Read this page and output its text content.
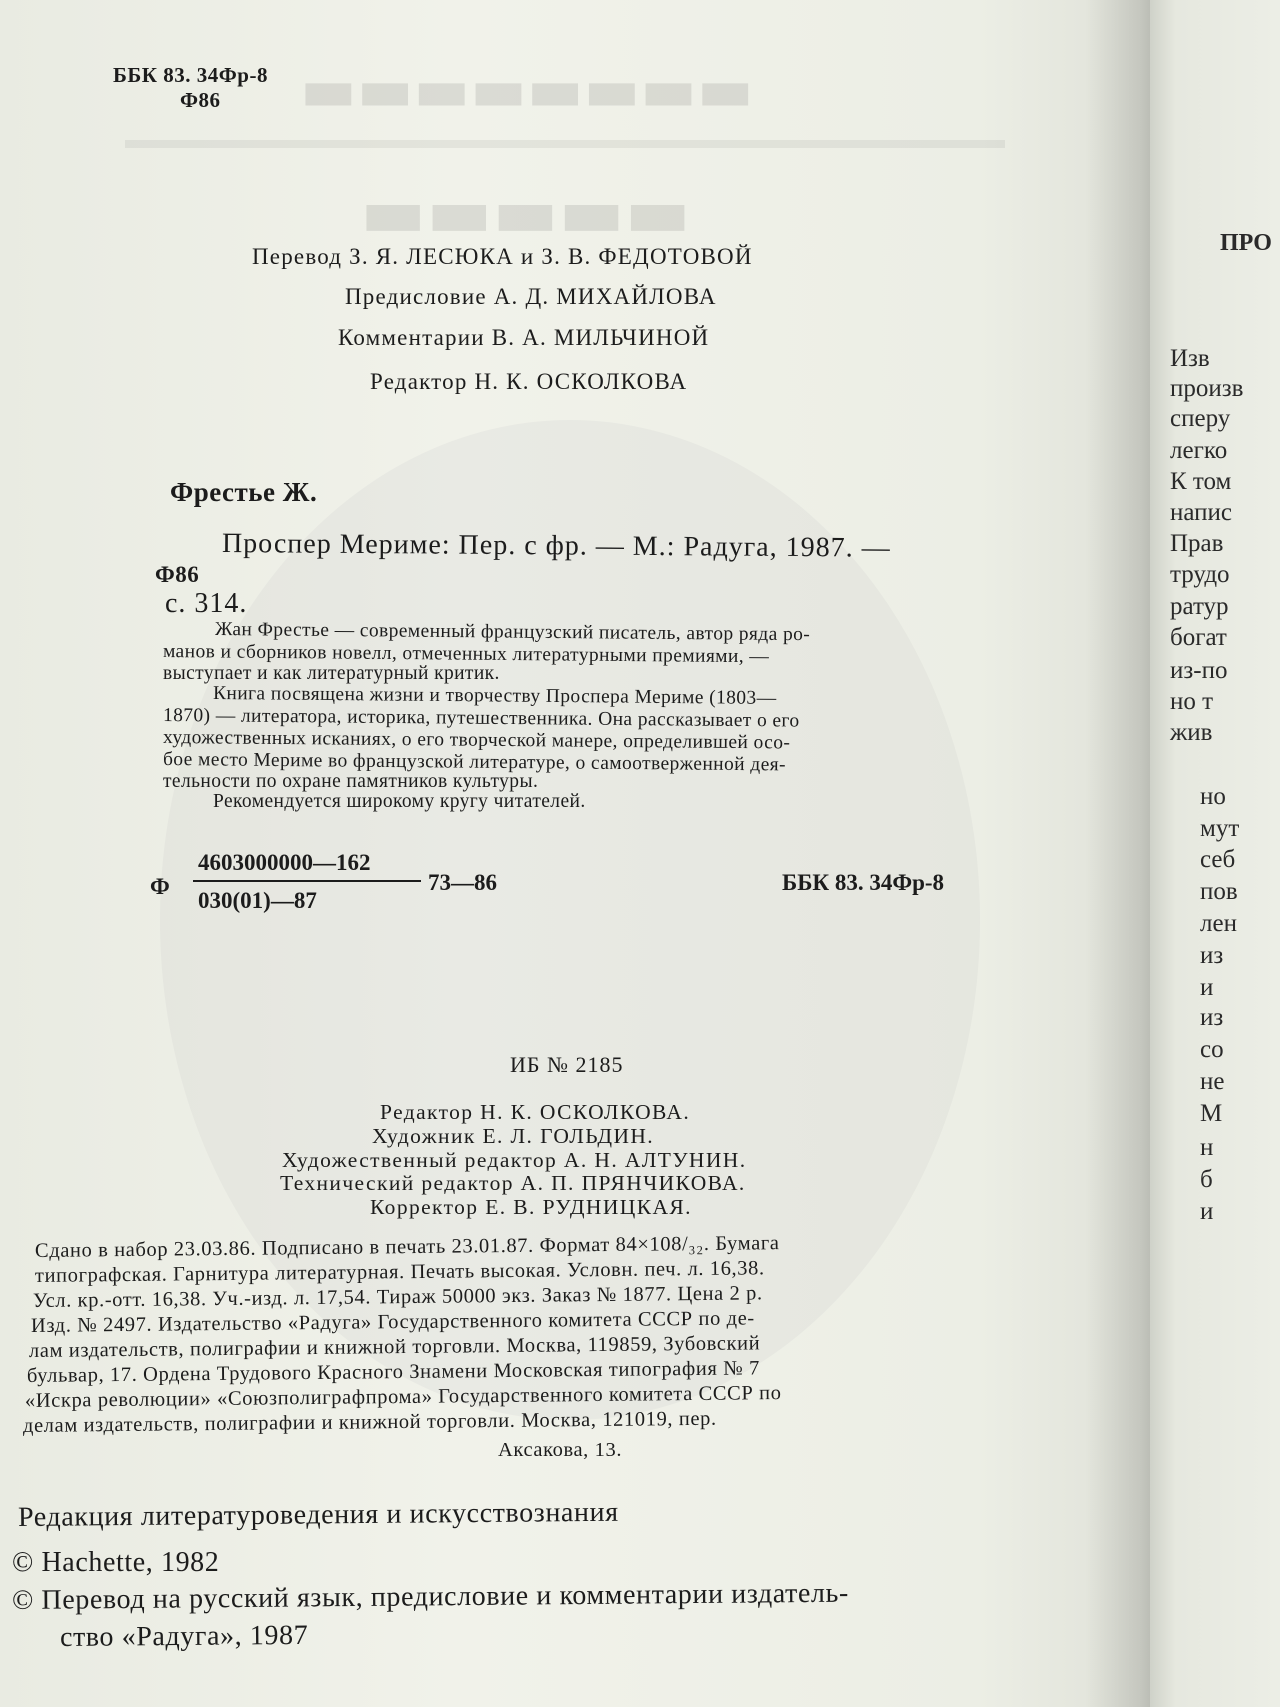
▬▬▬▬▬▬▬▬
▬▬▬▬▬
ББК 83. 34Фр-8
Ф86
Перевод З. Я. ЛЕСЮКА и З. В. ФЕДОТОВОЙ
Предисловие А. Д. МИХАЙЛОВА
Комментарии В. А. МИЛЬЧИНОЙ
Редактор Н. К. ОСКОЛКОВА
Фрестье Ж.
Проспер Мериме: Пер. с фр. — М.: Радуга, 1987. —
Ф86
с. 314.
Жан Фрестье — современный французский писатель, автор ряда ро-
манов и сборников новелл, отмеченных литературными премиями, —
выступает и как литературный критик.
Книга посвящена жизни и творчеству Проспера Мериме (1803—
1870) — литератора, историка, путешественника. Она рассказывает о его
художественных исканиях, о его творческой манере, определившей осо-
бое место Мериме во французской литературе, о самоотверженной дея-
тельности по охране памятников культуры.
Рекомендуется широкому кругу читателей.
Ф
4603000000—162
030(01)—87
73—86	ББК 83. 34Фр-8
ИБ № 2185
Редактор Н. К. ОСКОЛКОВА.
Художник Е. Л. ГОЛЬДИН.
Художественный редактор А. Н. АЛТУНИН.
Технический редактор А. П. ПРЯНЧИКОВА.
Корректор Е. В. РУДНИЦКАЯ.
Сдано в набор 23.03.86. Подписано в печать 23.01.87. Формат 84×108/₃₂. Бумага
типографская. Гарнитура литературная. Печать высокая. Условн. печ. л. 16,38.
Усл. кр.-отт. 16,38. Уч.-изд. л. 17,54. Тираж 50000 экз. Заказ № 1877. Цена 2 р.
Изд. № 2497. Издательство «Радуга» Государственного комитета СССР по де-
лам издательств, полиграфии и книжной торговли. Москва, 119859, Зубовский
бульвар, 17. Ордена Трудового Красного Знамени Московская типография № 7
«Искра революции» «Союзполиграфпрома» Государственного комитета СССР по
делам издательств, полиграфии и книжной торговли. Москва, 121019, пер.
Аксакова, 13.
Редакция литературоведения и искусствознания
© Hachette, 1982
© Перевод на русский язык, предисловие и комментарии издатель-
ство «Радуга», 1987
ПРО
Изв
произв
сперу
легко
К том
напис
Прав
трудо
ратур
богат
из-по
но т
жив
но
мут
себ
пов
лен
из
и
из
со
не
М
н
б
и
